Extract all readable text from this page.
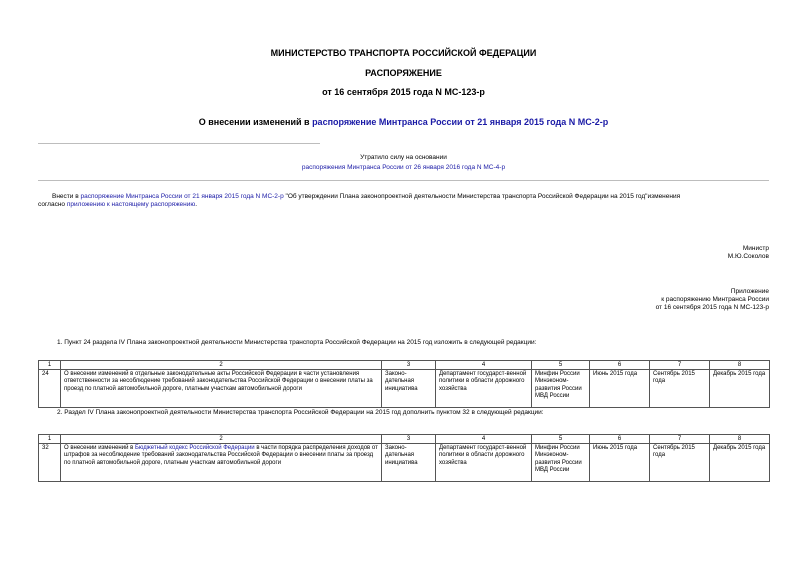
МИНИСТЕРСТВО ТРАНСПОРТА РОССИЙСКОЙ ФЕДЕРАЦИИ
РАСПОРЯЖЕНИЕ
от 16 сентября 2015 года N МС-123-р
О внесении изменений в распоряжение Минтранса России от 21 января 2015 года N МС-2-р
Утратило силу на основании
распоряжения Минтранса России от 26 января 2016 года N МС-4-р
Внести в распоряжение Минтранса России от 21 января 2015 года N МС-2-р "Об утверждении Плана законопроектной деятельности Министерства транспорта Российской Федерации на 2015 год"изменения
согласно приложению к настоящему распоряжению.
Министр
М.Ю.Соколов
Приложение
к распоряжению Минтранса России
от 16 сентября 2015 года N МС-123-р
1. Пункт 24 раздела IV Плана законопроектной деятельности Министерства транспорта Российской Федерации на 2015 год изложить в следующей редакции:
1	2	3	4	5	6	7	8
24	О внесении изменений в отдельные законодательные акты Российской Федерации в части установления ответственности за несоблюдение требований законодательства Российской Федерации о внесении платы за проезд по платной автомобильной дороге, платным участкам автомобильной дороги	Законо-дательная инициатива	Департамент государст-венной политики в области дорожного хозяйства	Минфин России Минэконом-развития России МВД России	Июнь 2015 года	Сентябрь 2015 года	Декабрь 2015 года
2. Раздел IV Плана законопроектной деятельности Министерства транспорта Российской Федерации на 2015 год дополнить пунктом 32 в следующей редакции:
1	2	3	4	5	6	7	8
32	О внесении изменений в Бюджетный кодекс Российской Федерации в части порядка распределения доходов от штрафов за несоблюдение требований законодательства Российской Федерации о внесении платы за проезд по платной автомобильной дороге, платным участкам автомобильной дороги	Законо-дательная инициатива	Департамент государст-венной политики в области дорожного хозяйства	Минфин России Минэконом-развития России МВД России	Июнь 2015 года	Сентябрь 2015 года	Декабрь 2015 года
